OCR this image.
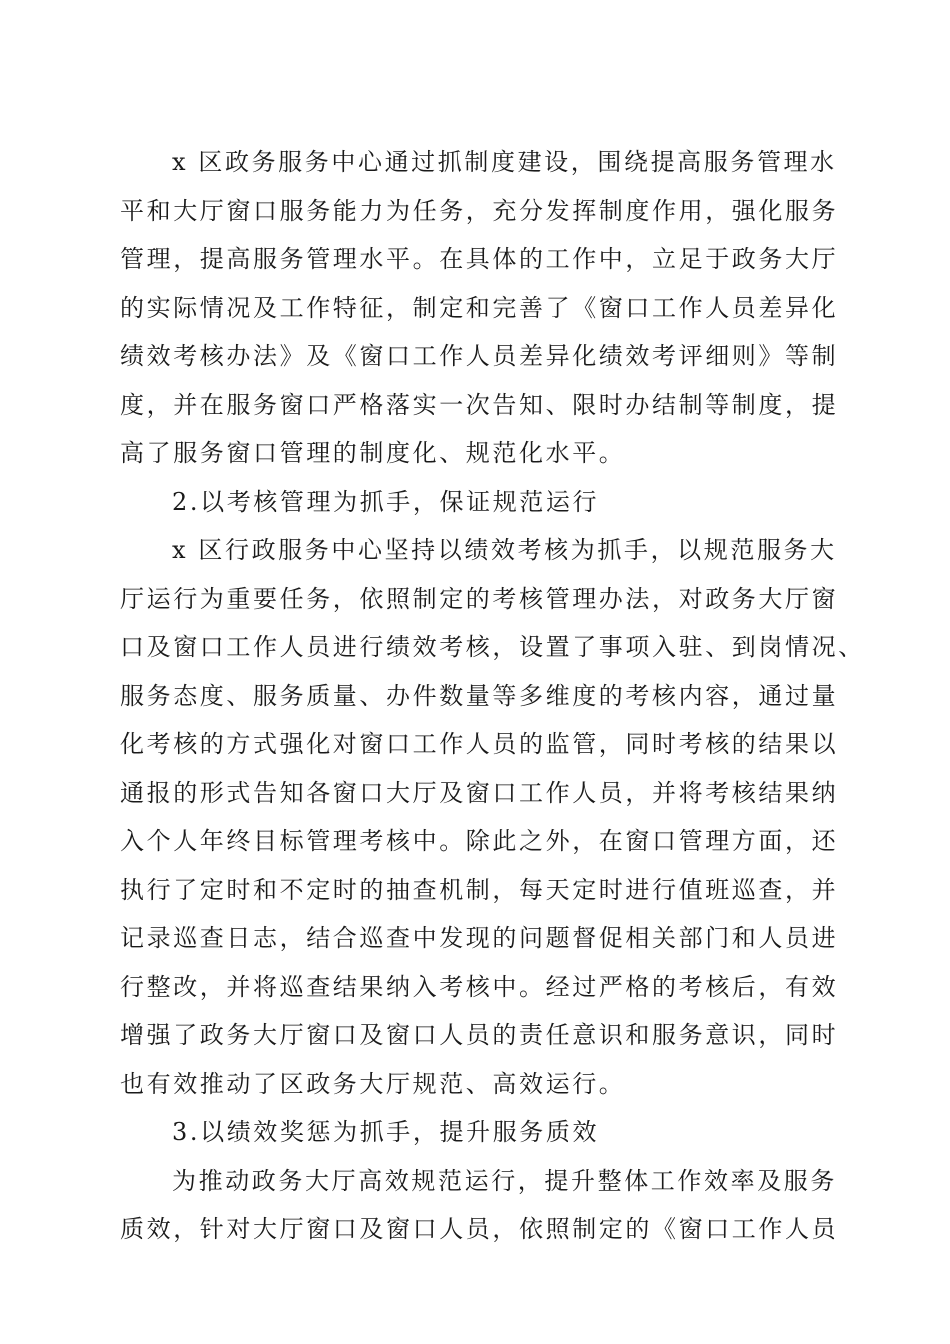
x 区政务服务中心通过抓制度建设，围绕提高服务管理水
平和大厅窗口服务能力为任务，充分发挥制度作用，强化服务
管理，提高服务管理水平。在具体的工作中，立足于政务大厅
的实际情况及工作特征，制定和完善了《窗口工作人员差异化
绩效考核办法》及《窗口工作人员差异化绩效考评细则》等制
度，并在服务窗口严格落实一次告知、限时办结制等制度，提
高了服务窗口管理的制度化、规范化水平。
2.以考核管理为抓手，保证规范运行
x 区行政服务中心坚持以绩效考核为抓手，以规范服务大
厅运行为重要任务，依照制定的考核管理办法，对政务大厅窗
口及窗口工作人员进行绩效考核，设置了事项入驻、到岗情况、
服务态度、服务质量、办件数量等多维度的考核内容，通过量
化考核的方式强化对窗口工作人员的监管，同时考核的结果以
通报的形式告知各窗口大厅及窗口工作人员，并将考核结果纳
入个人年终目标管理考核中。除此之外，在窗口管理方面，还
执行了定时和不定时的抽查机制，每天定时进行值班巡查，并
记录巡查日志，结合巡查中发现的问题督促相关部门和人员进
行整改，并将巡查结果纳入考核中。经过严格的考核后，有效
增强了政务大厅窗口及窗口人员的责任意识和服务意识，同时
也有效推动了区政务大厅规范、高效运行。
3.以绩效奖惩为抓手，提升服务质效
为推动政务大厅高效规范运行，提升整体工作效率及服务
质效，针对大厅窗口及窗口人员，依照制定的《窗口工作人员
